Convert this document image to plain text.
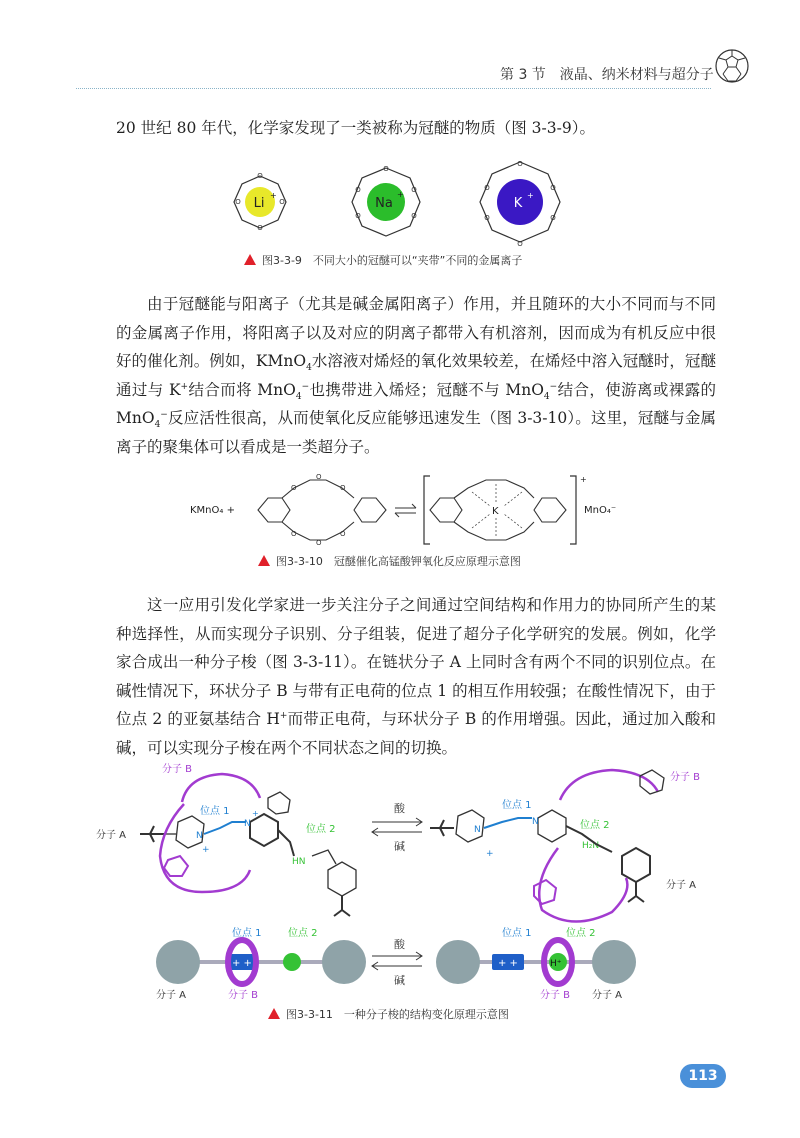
第 3 节　液晶、纳米材料与超分子

20 世纪 80 年代，化学家发现了一类被称为冠醚的物质（图 3-3-9）。

O
O
O
O Li
+
O
O
O
O
O
Na
+
O
O
O
O
O
O
K
+
图3-3-9　不同大小的冠醚可以“夹带”不同的金属离子

由于冠醚能与阳离子（尤其是碱金属阳离子）作用，并且随环的大小不同而与不同的金属离子作用，将阳离子以及对应的阴离子都带入有机溶剂，因而成为有机反应中很好的催化剂。例如，KMnO$_4$水溶液对烯烃的氧化效果较差，在烯烃中溶入冠醚时，冠醚通过与 K+结合而将 MnO$_4$−也携带进入烯烃；冠醚不与 MnO$_4$−结合，使游离或裸露的 MnO$_4$−反应活性很高，从而使氧化反应能够迅速发生（图 3-3-10）。这里，冠醚与金属离子的聚集体可以看成是一类超分子。

KMnO₄ +
O
O
O
O
O
O
K
+
MnO₄⁻
图3-3-10　冠醚催化高锰酸钾氧化反应原理示意图

这一应用引发化学家进一步关注分子之间通过空间结构和作用力的协同所产生的某种选择性，从而实现分子识别、分子组装，促进了超分子化学研究的发展。例如，化学家合成出一种分子梭（图 3-3-11）。在链状分子 A 上同时含有两个不同的识别位点。在碱性情况下，环状分子 B 与带有正电荷的位点 1 的相互作用较强；在酸性情况下，由于位点 2 的亚氨基结合 H+而带正电荷，与环状分子 B 的作用增强。因此，通过加入酸和碱，可以实现分子梭在两个不同状态之间的切换。

分子 B
分子 A	N
+
位点 1
N
+
HN
位点 2
酸
碱
分子 B
分子 A
N
+
位点 1
N	位点 2
H₂N
+ +
位点 1	位点 2
分子 A	分子 B
酸
碱
+ +	H⁺
位点 1	位点 2
分子 B 分子 A
图3-3-11　一种分子梭的结构变化原理示意图
113
